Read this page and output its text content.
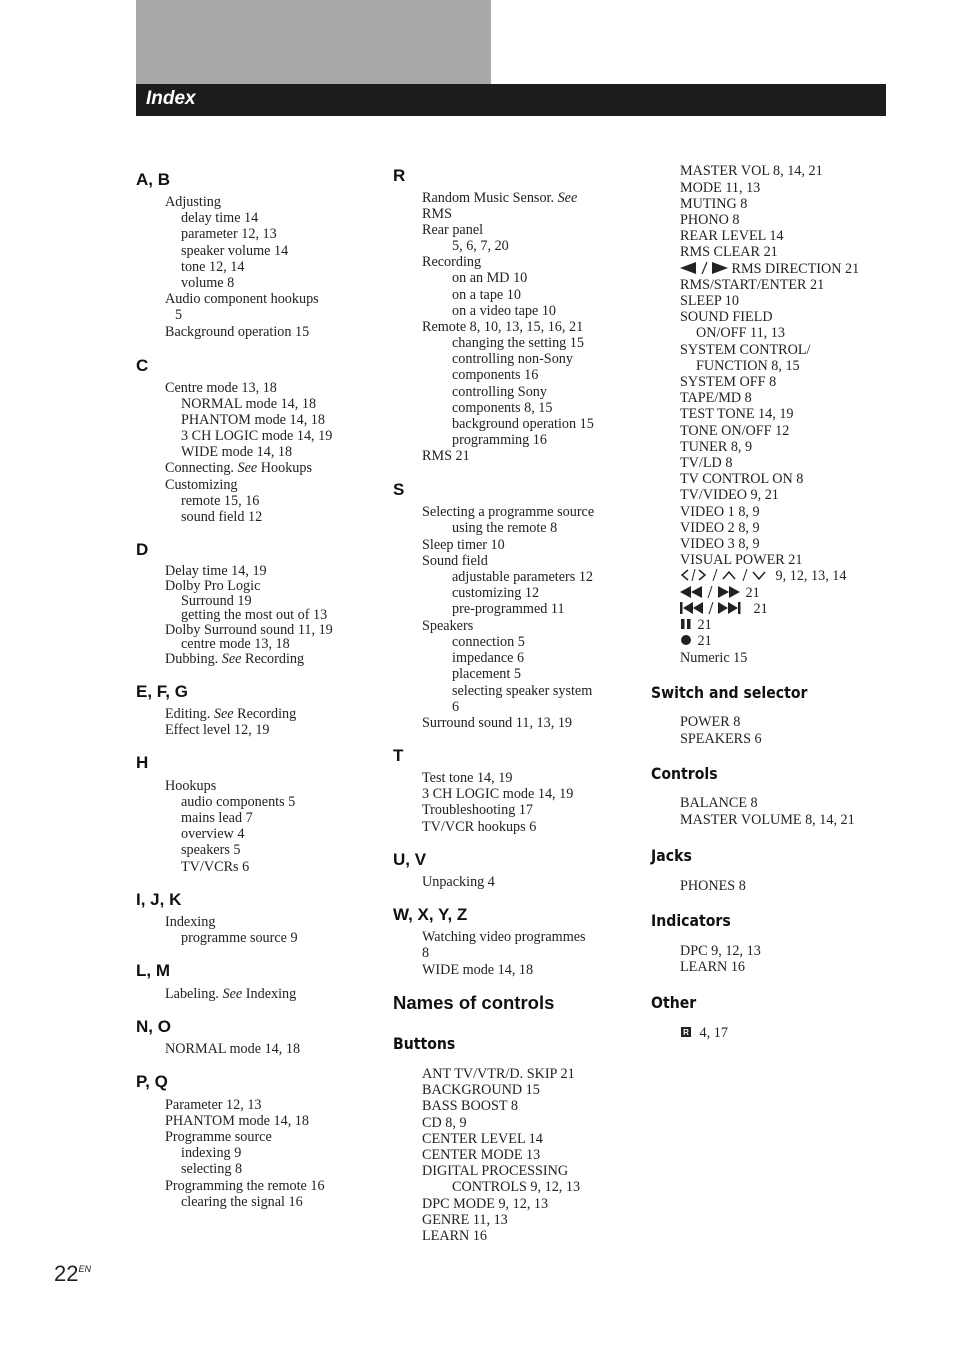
Index
A, B
Adjusting
delay time 14
parameter 12, 13
speaker volume 14
tone 12, 14
volume 8
Audio component hookups
5
Background operation 15
C
Centre mode 13, 18
NORMAL mode 14, 18
PHANTOM mode 14, 18
3 CH LOGIC mode 14, 19
WIDE mode 14, 18
Connecting. See Hookups
Customizing
remote 15, 16
sound field 12
D
Delay time 14, 19
Dolby Pro Logic
Surround 19
getting the most out of 13
Dolby Surround sound 11, 19
centre mode 13, 18
Dubbing. See Recording
E, F, G
Editing. See Recording
Effect level 12, 19
H
Hookups
audio components 5
mains lead 7
overview 4
speakers 5
TV/VCRs 6
I, J, K
Indexing
programme source 9
L, M
Labeling. See Indexing
N, O
NORMAL mode 14, 18
P, Q
Parameter 12, 13
PHANTOM mode 14, 18
Programme source
indexing 9
selecting 8
Programming the remote 16
clearing the signal 16
R
Random Music Sensor. See
RMS
Rear panel
5, 6, 7, 20
Recording
on an MD 10
on a tape 10
on a video tape 10
Remote 8, 10, 13, 15, 16, 21
changing the setting 15
controlling non-Sony
components 16
controlling Sony
components 8, 15
background operation 15
programming 16
RMS 21
S
Selecting a programme source
using the remote 8
Sleep timer 10
Sound field
adjustable parameters 12
customizing 12
pre-programmed 11
Speakers
connection 5
impedance 6
placement 5
selecting speaker system
6
Surround sound 11, 13, 19
T
Test tone 14, 19
3 CH LOGIC mode 14, 19
Troubleshooting 17
TV/VCR hookups 6
U, V
Unpacking 4
W, X, Y, Z
Watching video programmes
8
WIDE mode 14, 18
Names of controls
Buttons
ANT TV/VTR/D. SKIP 21
BACKGROUND 15
BASS BOOST 8
CD 8, 9
CENTER LEVEL 14
CENTER MODE 13
DIGITAL PROCESSING
CONTROLS 9, 12, 13
DPC MODE 9, 12, 13
GENRE 11, 13
LEARN 16
MASTER VOL 8, 14, 21
MODE 11, 13
MUTING 8
PHONO 8
REAR LEVEL 14
RMS CLEAR 21
RMS DIRECTION 21
RMS/START/ENTER 21
SLEEP 10
SOUND FIELD
ON/OFF 11, 13
SYSTEM CONTROL/
FUNCTION 8, 15
SYSTEM OFF 8
TAPE/MD 8
TEST TONE 14, 19
TONE ON/OFF 12
TUNER 8, 9
TV/LD 8
TV CONTROL ON 8
TV/VIDEO 9, 21
VIDEO 1 8, 9
VIDEO 2 8, 9
VIDEO 3 8, 9
VISUAL POWER 21
9, 12, 13, 14
21
21
21
21
Numeric 15
Switch and selector
POWER 8
SPEAKERS 6
Controls
BALANCE 8
MASTER VOLUME 8, 14, 21
Jacks
PHONES 8
Indicators
DPC 9, 12, 13
LEARN 16
Other
R 4, 17
$22^{EN}$
